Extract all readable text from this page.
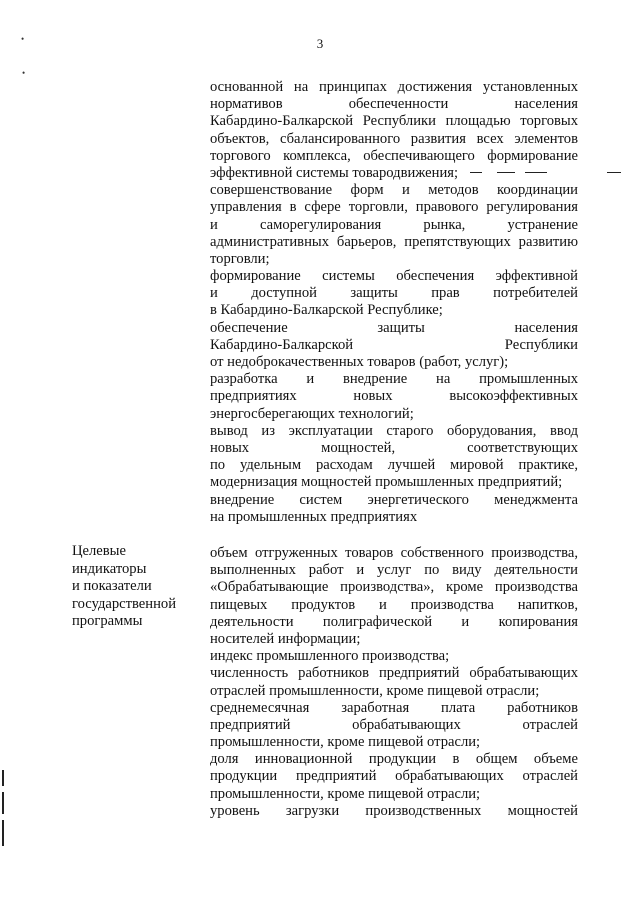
3
•
•
основанной на принципах достижения установленных
нормативов обеспеченности населения
Кабардино-Балкарской Республики площадью торговых
объектов, сбалансированного развития всех элементов
торгового комплекса, обеспечивающего формирование
эффективной системы товародвижения;
совершенствование форм и методов координации
управления в сфере торговли, правового регулирования
и саморегулирования рынка, устранение
административных барьеров, препятствующих развитию
торговли;
формирование системы обеспечения эффективной
и доступной защиты прав потребителей
в Кабардино-Балкарской Республике;
обеспечение защиты населения
Кабардино-Балкарской Республики
от недоброкачественных товаров (работ, услуг);
разработка и внедрение на промышленных
предприятиях новых высокоэффективных
энергосберегающих технологий;
вывод из эксплуатации старого оборудования, ввод
новых мощностей, соответствующих
по удельным расходам лучшей мировой практике,
модернизация мощностей промышленных предприятий;
внедрение систем энергетического менеджмента
на промышленных предприятиях
Целевые
индикаторы
и показатели
государственной
программы
объем отгруженных товаров собственного производства,
выполненных работ и услуг по виду деятельности
«Обрабатывающие производства», кроме производства
пищевых продуктов и производства напитков,
деятельности полиграфической и копирования
носителей информации;
индекс промышленного производства;
численность работников предприятий обрабатывающих
отраслей промышленности, кроме пищевой отрасли;
среднемесячная заработная плата работников
предприятий обрабатывающих отраслей
промышленности, кроме пищевой отрасли;
доля инновационной продукции в общем объеме
продукции предприятий обрабатывающих отраслей
промышленности, кроме пищевой отрасли;
уровень загрузки производственных мощностей
